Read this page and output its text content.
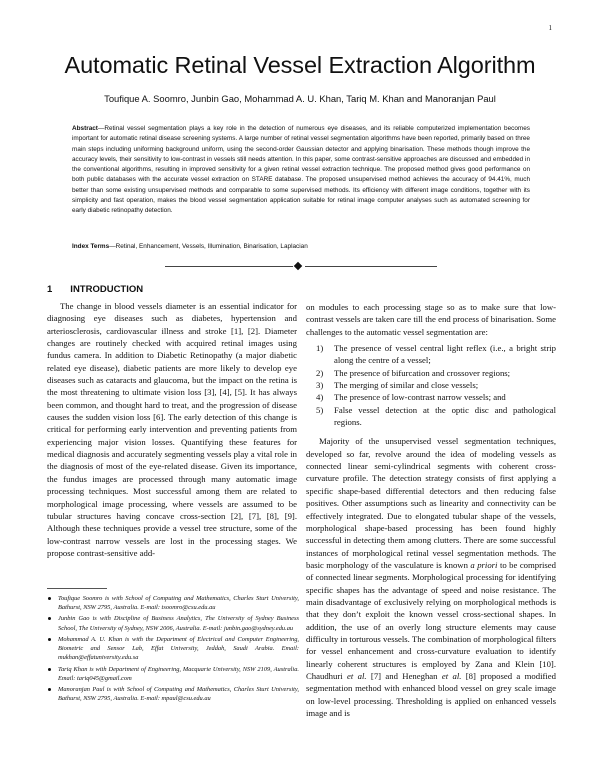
1
Automatic Retinal Vessel Extraction Algorithm
Toufique A. Soomro, Junbin Gao, Mohammad A. U. Khan, Tariq M. Khan and Manoranjan Paul

Abstract—Retinal vessel segmentation plays a key role in the detection of numerous eye diseases, and its reliable computerized implementation becomes important for automatic retinal disease screening systems. A large number of retinal vessel segmentation algorithms have been reported, primarily based on three main steps including uniforming background uniform, using the second-order Gaussian detector and applying binarisation. These methods though improve the accuracy levels, their sensitivity to low-contrast in vessels still needs attention. In this paper, some contrast-sensitive approaches are discussed and embedded in the conventional algorithms, resulting in improved sensitivity for a given retinal vessel extraction technique. The proposed method gives good performance on both public databases with the accurate vessel extraction on STARE database. The proposed unsupervised method achieves the accuracy of 94.41%, much better than some existing unsupervised methods and comparable to some supervised methods. Its efficiency with different image conditions, together with its simplicity and fast operation, makes the blood vessel segmentation application suitable for retinal image computer analyses such as automated screening for early diabetic retinopathy detection.

Index Terms—Retinal, Enhancement, Vessels, Illumination, Binarisation, Laplacian

1 INTRODUCTION

The change in blood vessels diameter is an essential indicator for diagnosing eye diseases such as diabetes, hypertension and arteriosclerosis, cardiovascular illness and stroke [1], [2]. Diameter changes are routinely checked with acquired retinal images using fundus camera. In addition to Diabetic Retinopathy (a major diabetic related eye disease), diabetic patients are more likely to develop eye diseases such as cataracts and glaucoma, but the impact on the retina is the most threatening to ultimate vision loss [3], [4], [5]. It has always been common, and thought hard to treat, and the progression of disease causes the sudden vision loss [6]. The early detection of this change is critical for performing early intervention and preventing patients from experiencing major vision losses. Quantifying these features for medical diagnosis and accurately segmenting vessels play a vital role in the diagnosis of most of the eye-related disease. Given its importance, the fundus images are processed through many automatic image processing techniques. Most successful among them are related to morphological image processing, where vessels are assumed to be tubular structures having concave cross-section [2], [7], [8], [9]. Although these techniques provide a vessel tree structure, some of the low-contrast narrow vessels are lost in the processing stages. We propose contrast-sensitive add-

Toufique Soomro is with School of Computing and Mathematics, Charles Sturt University, Bathurst, NSW 2795, Australia. E-mail: tsoomro@csu.edu.au
Junbin Gao is with Discipline of Business Analytics, The University of Sydney Business School, The University of Sydney, NSW 2006, Australia. E-mail: junbin.gao@sydney.edu.au
Mohammad A. U. Khan is with the Department of Electrical and Computer Engineering, Biometric and Sensor Lab, Effat University, Jeddah, Saudi Arabia. Email: mukhan@effatuniversity.edu.sa
Tariq Khan is with Department of Engineering, Macquarie University, NSW 2109, Australia. Email: tariq045@gmail.com
Manoranjan Paul is with School of Computing and Mathematics, Charles Sturt University, Bathurst, NSW 2795, Australia. E-mail: mpaul@csu.edu.au

on modules to each processing stage so as to make sure that low-contrast vessels are taken care till the end process of binarisation. Some challenges to the automatic vessel segmentation are:

1) The presence of vessel central light reflex (i.e., a bright strip along the centre of a vessel;
2) The presence of bifurcation and crossover regions;
3) The merging of similar and close vessels;
4) The presence of low-contrast narrow vessels; and
5) False vessel detection at the optic disc and pathological regions.

Majority of the unsupervised vessel segmentation techniques, developed so far, revolve around the idea of modeling vessels as connected linear semi-cylindrical segments with coherent cross-curvature profile. The detection strategy consists of first applying a specific shape-based differential detectors and then reducing false positives. Other assumptions such as linearity and connectivity can be effectively integrated. Due to elongated tubular shape of the vessels, morphological shape-based processing has been found highly successful in detecting them among clutters. There are some successful instances of morphological retinal vessel segmentation methods. The basic morphology of the vasculature is known a priori to be comprised of connected linear segments. Morphological processing for identifying specific shapes has the advantage of speed and noise resistance. The main disadvantage of exclusively relying on morphological methods is that they don’t exploit the known vessel cross-sectional shapes. In addition, the use of an overly long structure elements may cause difficulty in torturous vessels. The combination of morphological filters for vessel enhancement and cross-curvature evaluation to identify linearly coherent structures is employed by Zana and Klein [10]. Chaudhuri et al. [7] and Heneghan et al. [8] proposed a modified segmentation method with enhanced blood vessel on grey scale image on low-level processing. Thresholding is applied on enhanced vessels image and is
